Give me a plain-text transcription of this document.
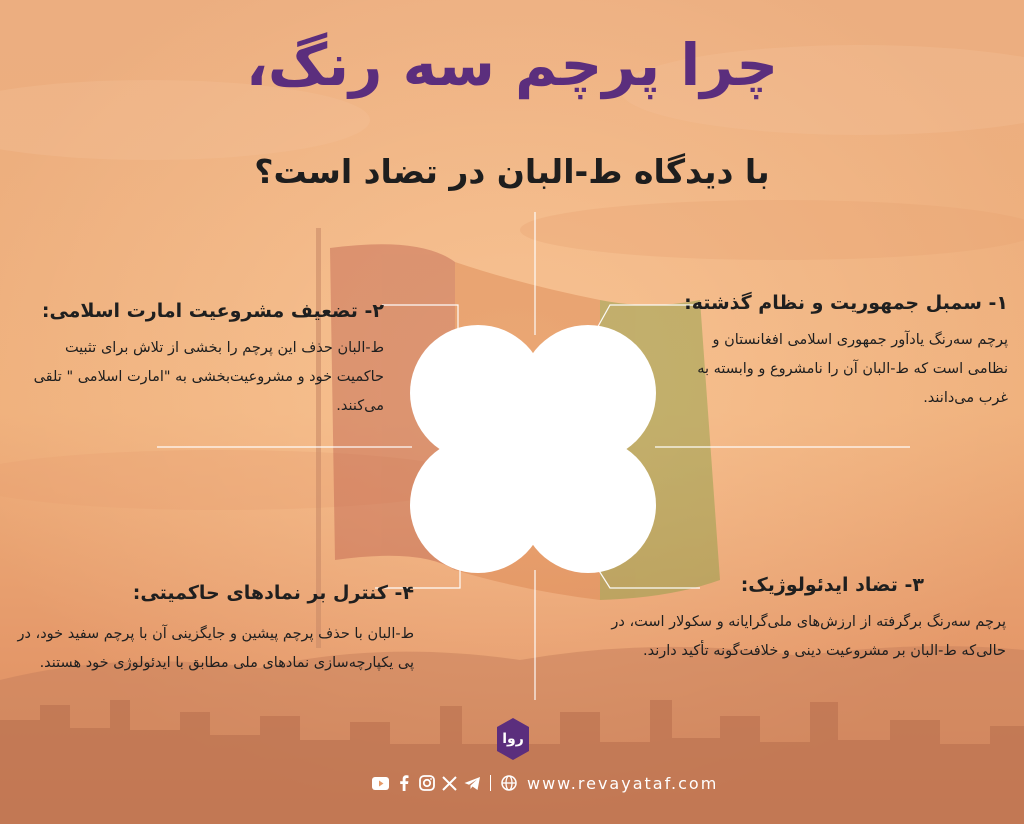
چرا پرچم سه رنگ،
با دیدگاه ط-البان در تضاد است؟
۱- سمبل جمهوریت و نظام گذشته:
پرچم سه‌رنگ یادآور جمهوری اسلامی افغانستان و نظامی است که ط-البان آن را نامشروع و وابسته به غرب می‌دانند.
۲- تضعیف مشروعیت امارت اسلامی:
ط-البان حذف این پرچم را بخشی از تلاش برای تثبیت حاکمیت خود و مشروعیت‌بخشی به "امارت اسلامی " تلقی می‌کنند.
۳- تضاد ایدئولوژیک:
پرچم سه‌رنگ برگرفته از ارزش‌های ملی‌گرایانه و سکولار است، در حالی‌که ط-البان بر مشروعیت دینی و خلافت‌گونه تأکید دارند.
۴- کنترل بر نمادهای حاکمیتی:
ط-البان با حذف پرچم پیشین و جایگزینی آن با پرچم سفید خود، در پی یکپارچه‌سازی نمادهای ملی مطابق با ایدئولوژی خود هستند.
روا
www.revayataf.com
